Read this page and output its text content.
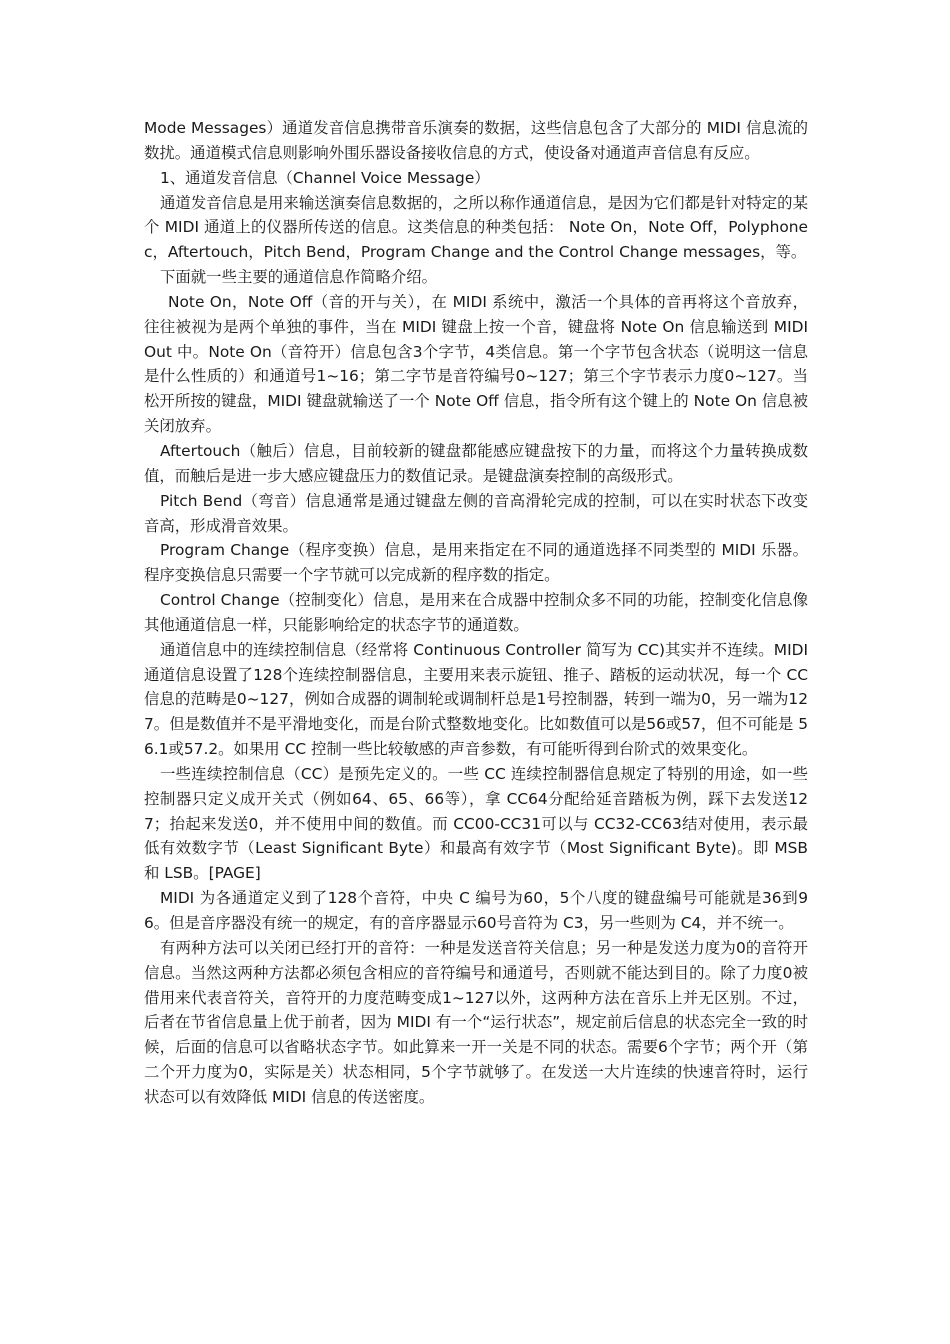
Mode Messages）通道发音信息携带音乐演奏的数据，这些信息包含了大部分的 MIDI 信息流的数扰。通道模式信息则影响外围乐器设备接收信息的方式，使设备对通道声音信息有反应。

1、通道发音信息（Channel Voice Message）

通道发音信息是用来输送演奏信息数据的，之所以称作通道信息，是因为它们都是针对特定的某个 MIDI 通道上的仪器所传送的信息。这类信息的种类包括： Note On，Note Off，Polyphonec，Aftertouch，Pitch Bend，Program Change and the Control Change messages，等。

下面就一些主要的通道信息作简略介绍。

Note On，Note Off（音的开与关），在 MIDI 系统中，激活一个具体的音再将这个音放弃，往往被视为是两个单独的事件，当在 MIDI 键盘上按一个音，键盘将 Note On 信息输送到 MIDI Out 中。Note On（音符开）信息包含3个字节，4类信息。第一个字节包含状态（说明这一信息是什么性质的）和通道号1~16；第二字节是音符编号0~127；第三个字节表示力度0~127。当松开所按的键盘，MIDI 键盘就输送了一个 Note Off 信息，指令所有这个键上的 Note On 信息被关闭放弃。

Aftertouch（触后）信息，目前较新的键盘都能感应键盘按下的力量，而将这个力量转换成数值，而触后是进一步大感应键盘压力的数值记录。是键盘演奏控制的高级形式。

Pitch Bend（弯音）信息通常是通过键盘左侧的音高滑轮完成的控制，可以在实时状态下改变音高，形成滑音效果。

Program Change（程序变换）信息，是用来指定在不同的通道选择不同类型的 MIDI 乐器。程序变换信息只需要一个字节就可以完成新的程序数的指定。

Control Change（控制变化）信息，是用来在合成器中控制众多不同的功能，控制变化信息像其他通道信息一样，只能影响给定的状态字节的通道数。

通道信息中的连续控制信息（经常将 Continuous Controller 简写为 CC)其实并不连续。MIDI 通道信息设置了128个连续控制器信息，主要用来表示旋钮、推子、踏板的运动状况，每一个 CC 信息的范畴是0~127，例如合成器的调制轮或调制杆总是1号控制器，转到一端为0，另一端为127。但是数值并不是平滑地变化，而是台阶式整数地变化。比如数值可以是56或57，但不可能是 56.1或57.2。如果用 CC 控制一些比较敏感的声音参数，有可能听得到台阶式的效果变化。

一些连续控制信息（CC）是预先定义的。一些 CC 连续控制器信息规定了特别的用途，如一些控制器只定义成开关式（例如64、65、66等），拿 CC64分配给延音踏板为例，踩下去发送127；抬起来发送0，并不使用中间的数值。而 CC00-CC31可以与 CC32-CC63结对使用，表示最低有效数字节（Least Significant Byte）和最高有效字节（Most Significant Byte)。即 MSB 和 LSB。[PAGE]

MIDI 为各通道定义到了128个音符，中央 C 编号为60，5个八度的键盘编号可能就是36到96。但是音序器没有统一的规定，有的音序器显示60号音符为 C3，另一些则为 C4，并不统一。

有两种方法可以关闭已经打开的音符：一种是发送音符关信息；另一种是发送力度为0的音符开信息。当然这两种方法都必须包含相应的音符编号和通道号，否则就不能达到目的。除了力度0被借用来代表音符关，音符开的力度范畴变成1~127以外，这两种方法在音乐上并无区别。不过，后者在节省信息量上优于前者，因为 MIDI 有一个“运行状态”，规定前后信息的状态完全一致的时候，后面的信息可以省略状态字节。如此算来一开一关是不同的状态。需要6个字节；两个开（第二个开力度为0，实际是关）状态相同，5个字节就够了。在发送一大片连续的快速音符时，运行状态可以有效降低 MIDI 信息的传送密度。
